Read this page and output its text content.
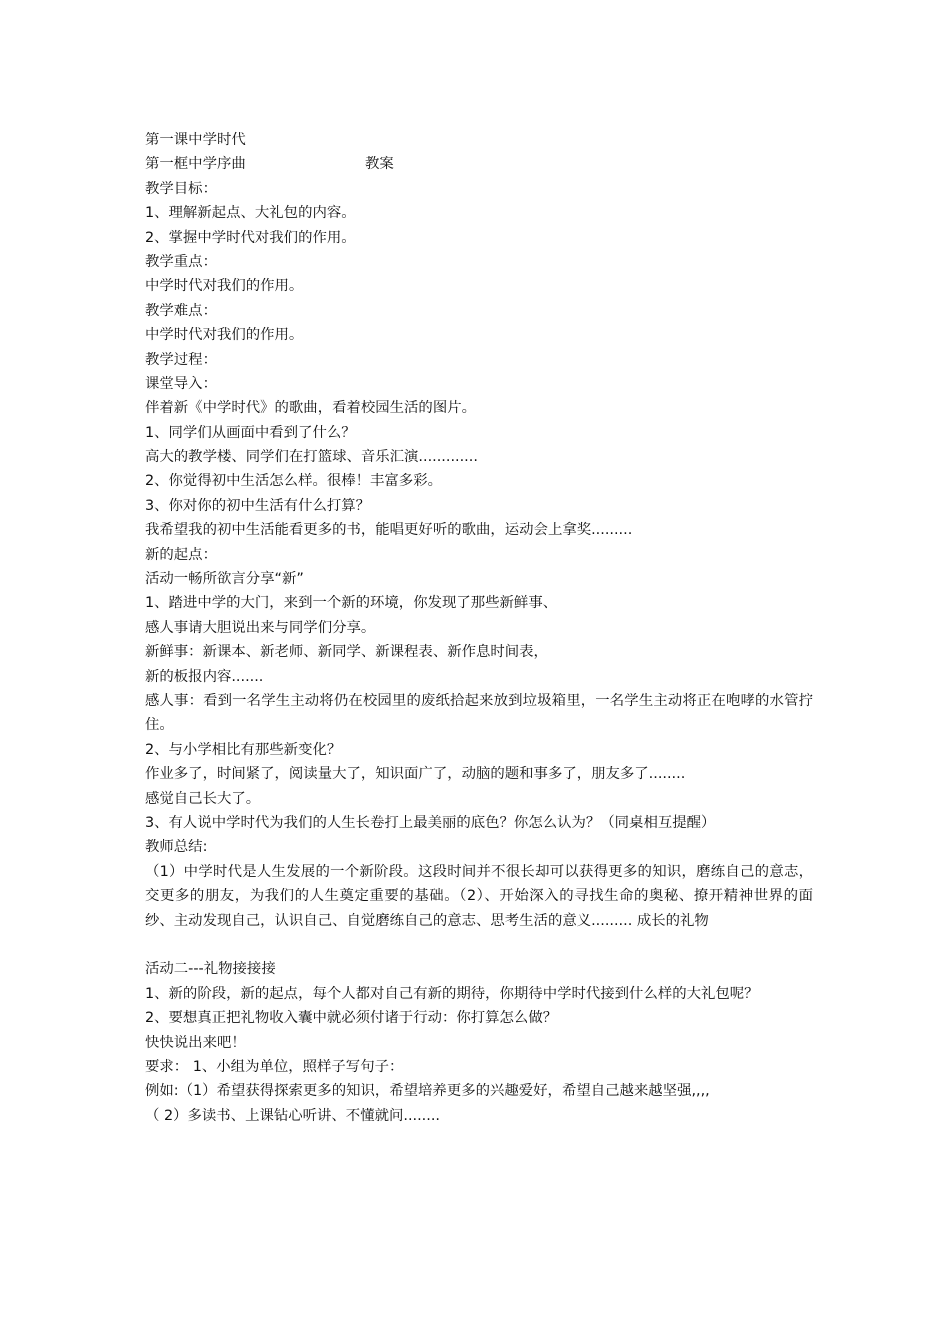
第一课中学时代
第一框中学序曲	教案
教学目标：
1、理解新起点、大礼包的内容。
2、掌握中学时代对我们的作用。
教学重点：
中学时代对我们的作用。
教学难点：
中学时代对我们的作用。
教学过程：
课堂导入：
伴着新《中学时代》的歌曲，看着校园生活的图片。
1、同学们从画面中看到了什么？
高大的教学楼、同学们在打篮球、音乐汇演.............
2、你觉得初中生活怎么样。很棒！丰富多彩。
3、你对你的初中生活有什么打算？
我希望我的初中生活能看更多的书，能唱更好听的歌曲，运动会上拿奖.........
新的起点：
活动一畅所欲言分享“新”
1、踏进中学的大门，来到一个新的环境，你发现了那些新鲜事、
感人事请大胆说出来与同学们分享。
新鲜事：新课本、新老师、新同学、新课程表、新作息时间表，
新的板报内容.......
感人事：看到一名学生主动将仍在校园里的废纸拾起来放到垃圾箱里，一名学生主动将正在咆哮的水管拧住。
2、与小学相比有那些新变化？
作业多了，时间紧了，阅读量大了，知识面广了，动脑的题和事多了，朋友多了........
感觉自己长大了。
3、有人说中学时代为我们的人生长卷打上最美丽的底色？你怎么认为？（同桌相互提醒）
教师总结:
（1）中学时代是人生发展的一个新阶段。这段时间并不很长却可以获得更多的知识，磨练自己的意志，交更多的朋友，为我们的人生奠定重要的基础。（2）、开始深入的寻找生命的奥秘、撩开精神世界的面纱、主动发现自己，认识自己、自觉磨练自己的意志、思考生活的意义......... 成长的礼物
活动二---礼物接接接
1、新的阶段，新的起点，每个人都对自己有新的期待，你期待中学时代接到什么样的大礼包呢？
2、要想真正把礼物收入囊中就必须付诸于行动：你打算怎么做？
快快说出来吧！
要求： 1、小组为单位，照样子写句子：
例如:（1）希望获得探索更多的知识，希望培养更多的兴趣爱好，希望自己越来越坚强,,,,
（ 2）多读书、上课钻心听讲、不懂就问........
